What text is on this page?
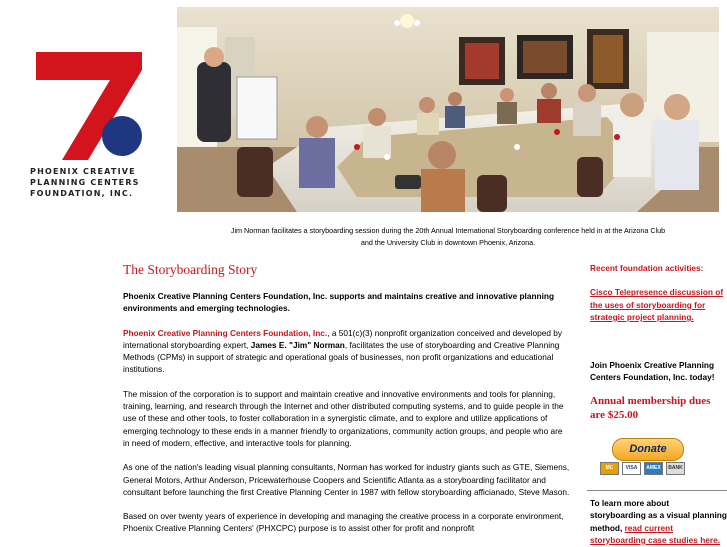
PHOENIX CREATIVE
PLANNING CENTERS
FOUNDATION, INC.
Jim Norman facilitates a storyboarding session during the 20th Annual International Storyboarding conference held in at the Arizona Club
and the University Club in downtown Phoenix, Arizona.
The Storyboarding Story

Phoenix Creative Planning Centers Foundation, Inc. supports and maintains creative and innovative planning environments and emerging technologies.

Phoenix Creative Planning Centers Foundation, Inc., a 501(c)(3) nonprofit organization conceived and developed by international storyboarding expert, James E. "Jim" Norman, facilitates the use of storyboarding and Creative Planning Methods (CPMs) in support of strategic and operational goals of businesses, non profit organizations and educational institutions.

The mission of the corporation is to support and maintain creative and innovative environments and tools for planning, training, learning, and research through the Internet and other distributed computing systems, and to guide people in the use of these and other tools, to foster collaboration in a synergistic climate, and to explore and utilize applications of emerging technology to these ends in a manner friendly to organizations, community action groups, and people who are in need of modern, effective, and interactive tools for planning.

As one of the nation's leading visual planning consultants, Norman has worked for industry giants such as GTE, Siemens, General Motors, Arthur Anderson, Pricewaterhouse Coopers and Scientific Atlanta as a storyboarding facilitator and consultant before launching the first Creative Planning Center in 1987 with fellow storyboarding afficianado, Steve Mason.

Based on over twenty years of experience in developing and managing the creative process in a corporate environment, Phoenix Creative Planning Centers' (PHXCPC) purpose is to assist other for profit and nonprofit

Recent foundation activities:
Cisco Telepresence discussion of the uses of storyboarding for strategic project planning.
Join Phoenix Creative Planning Centers Foundation, Inc. today!
Annual membership dues are $25.00
Donate
MC	VISA	AMEX	BANK
To learn more about storyboarding as a visual planning method, read current storyboarding case studies here.
